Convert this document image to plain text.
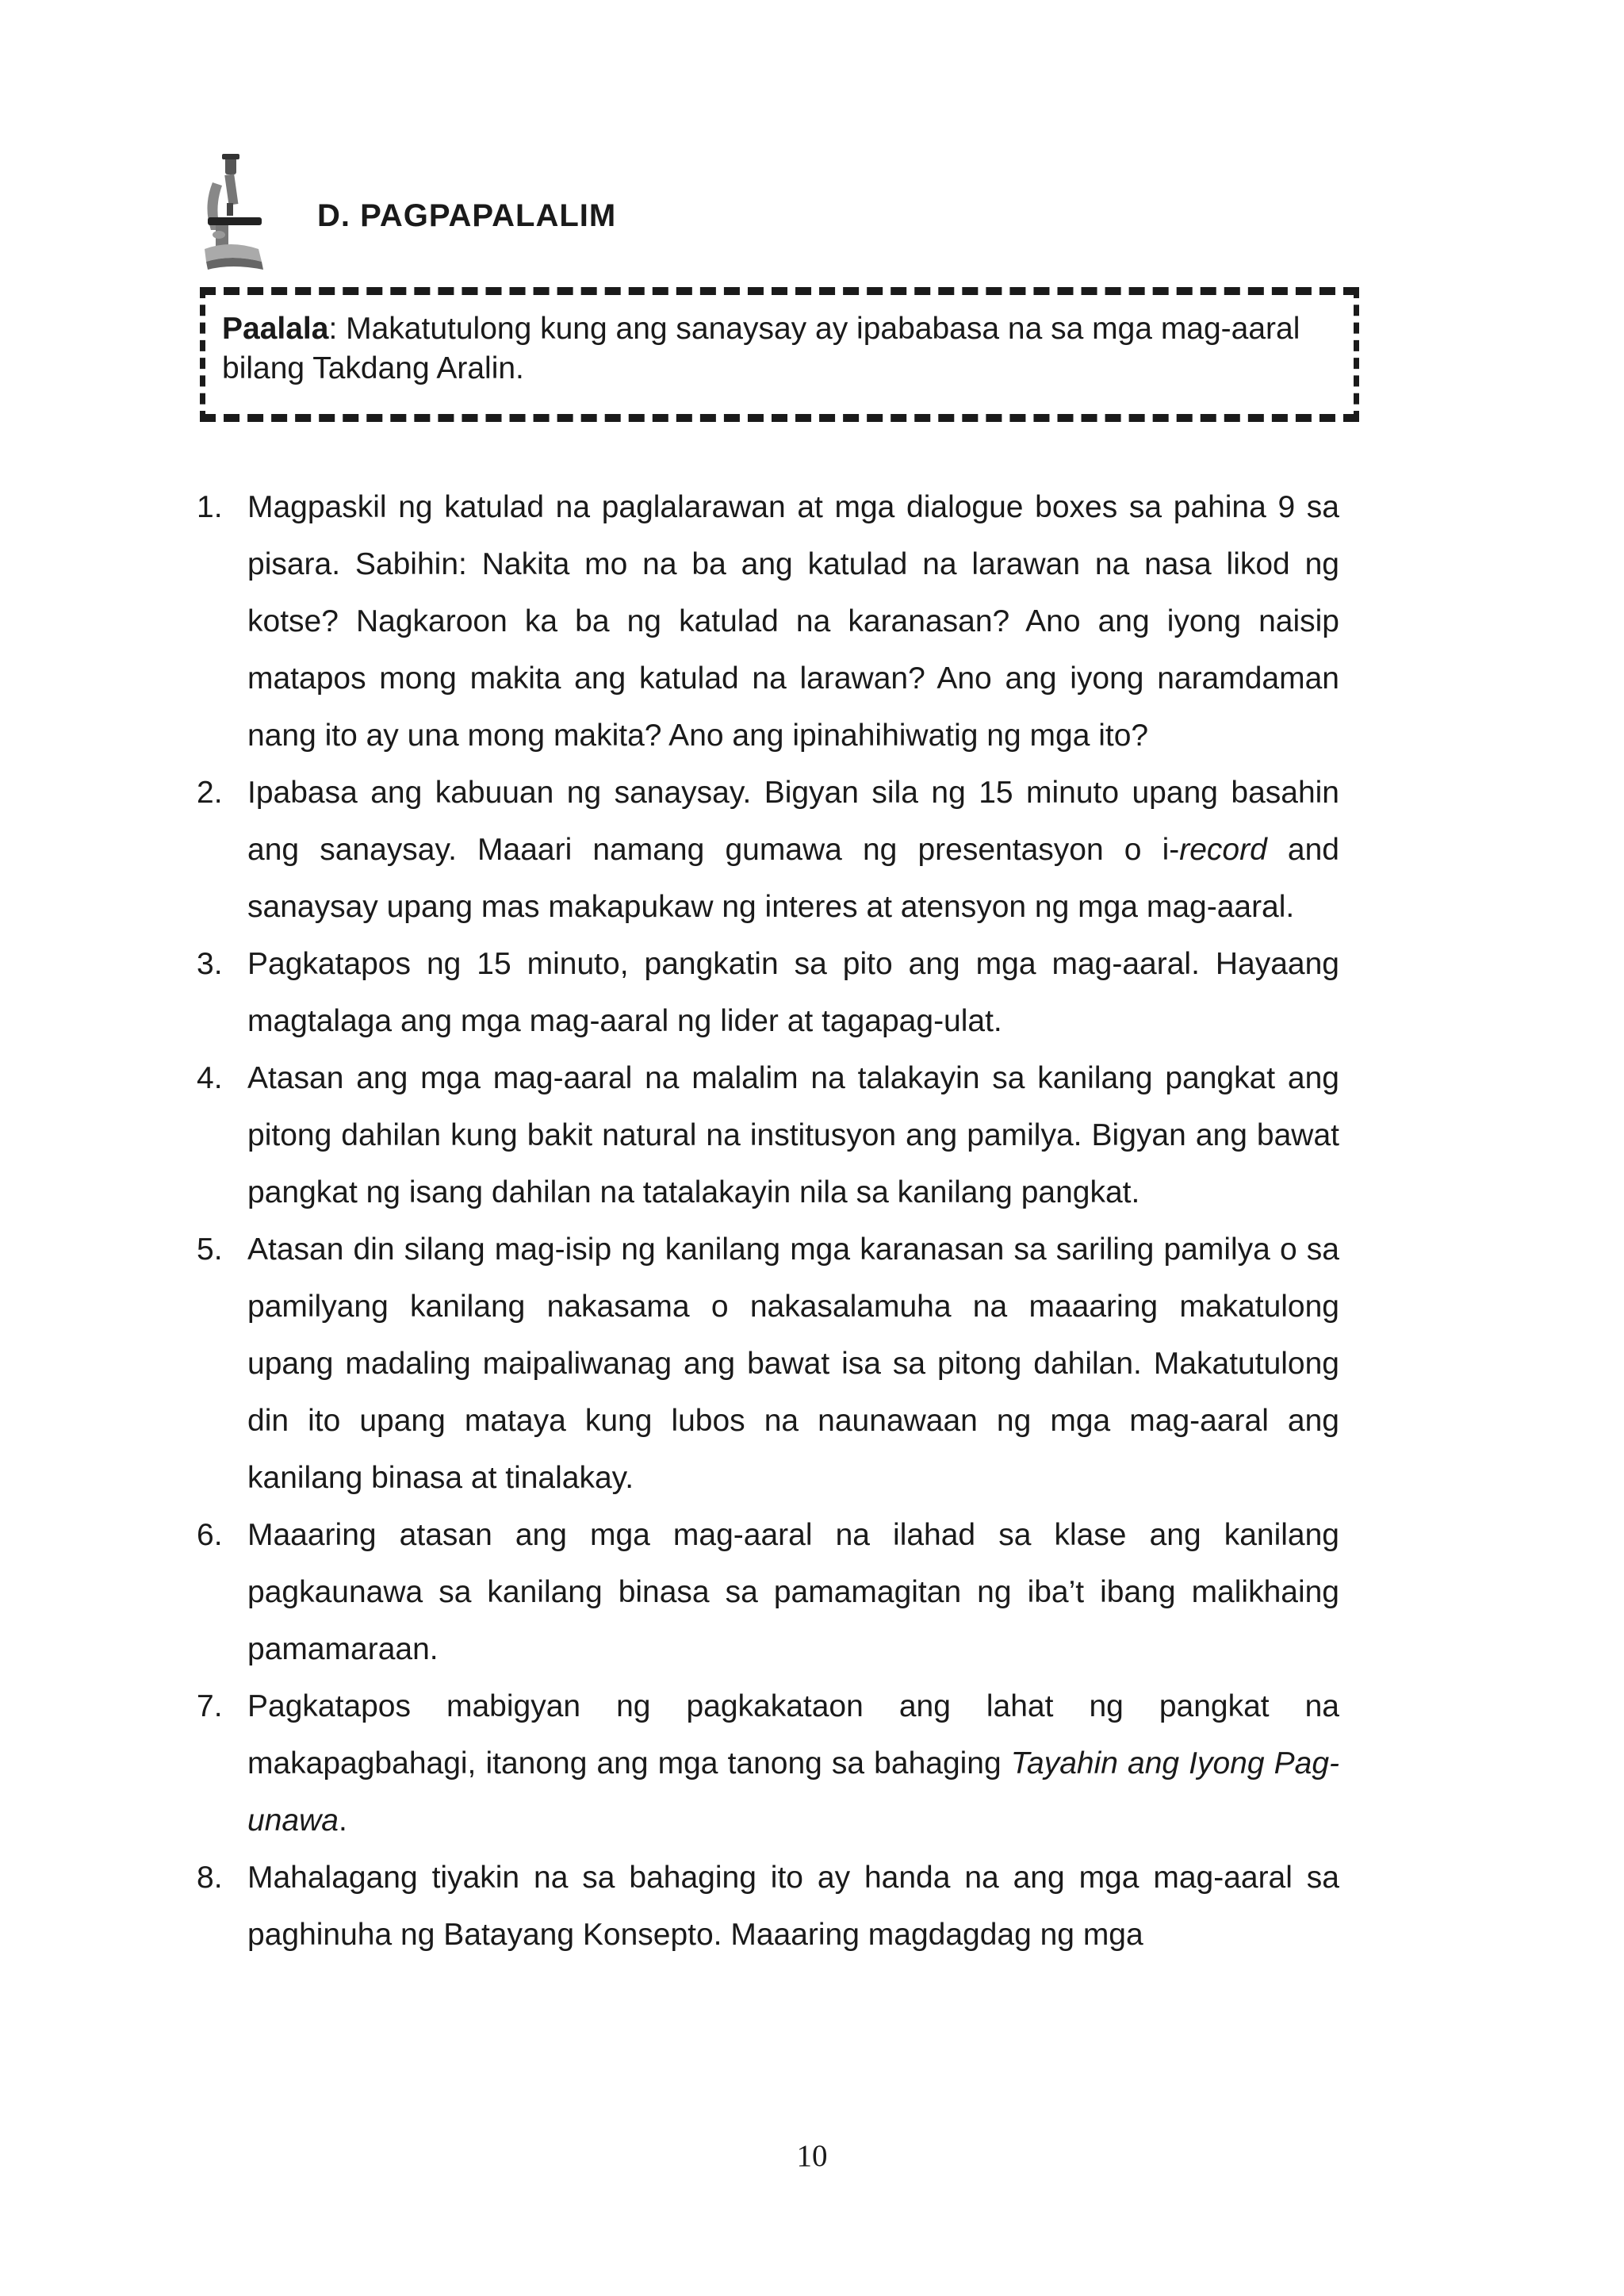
D. PAGPAPALALIM

Paalala: Makatutulong kung ang sanaysay ay ipababasa na sa mga mag-aaral bilang Takdang Aralin.

1. Magpaskil ng katulad na paglalarawan at mga dialogue boxes sa pahina 9 sa pisara. Sabihin: Nakita mo na ba ang katulad na larawan na nasa likod ng kotse? Nagkaroon ka ba ng katulad na karanasan? Ano ang iyong naisip matapos mong makita ang katulad na larawan? Ano ang iyong naramdaman nang ito ay una mong makita? Ano ang ipinahihiwatig ng mga ito?
2. Ipabasa ang kabuuan ng sanaysay. Bigyan sila ng 15 minuto upang basahin ang sanaysay. Maaari namang gumawa ng presentasyon o i-record and sanaysay upang mas makapukaw ng interes at atensyon ng mga mag-aaral.
3. Pagkatapos ng 15 minuto, pangkatin sa pito ang mga mag-aaral. Hayaang magtalaga ang mga mag-aaral ng lider at tagapag-ulat.
4. Atasan ang mga mag-aaral na malalim na talakayin sa kanilang pangkat ang pitong dahilan kung bakit natural na institusyon ang pamilya. Bigyan ang bawat pangkat ng isang dahilan na tatalakayin nila sa kanilang pangkat.
5. Atasan din silang mag-isip ng kanilang mga karanasan sa sariling pamilya o sa pamilyang kanilang nakasama o nakasalamuha na maaaring makatulong upang madaling maipaliwanag ang bawat isa sa pitong dahilan. Makatutulong din ito upang mataya kung lubos na naunawaan ng mga mag-aaral ang kanilang binasa at tinalakay.
6. Maaaring atasan ang mga mag-aaral na ilahad sa klase ang kanilang pagkaunawa sa kanilang binasa sa pamamagitan ng iba’t ibang malikhaing pamamaraan.
7. Pagkatapos mabigyan ng pagkakataon ang lahat ng pangkat na makapagbahagi, itanong ang mga tanong sa bahaging Tayahin ang Iyong Pag-unawa.
8. Mahalagang tiyakin na sa bahaging ito ay handa na ang mga mag-aaral sa paghinuha ng Batayang Konsepto. Maaaring magdagdag ng mga
10
